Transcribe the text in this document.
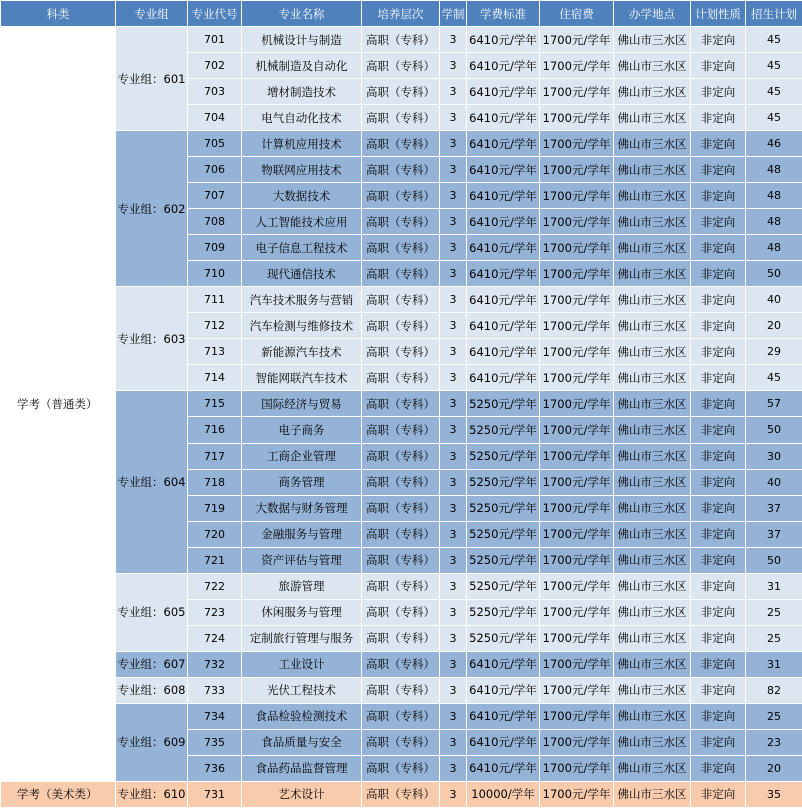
科类	专业组	专业代号	专业名称	培养层次	学制	学费标准	住宿费	办学地点	计划性质	招生计划
学考（普通类）	专业组：601	701	机械设计与制造	高职（专科）	3	6410元/学年	1700元/学年	佛山市三水区	非定向	45
		702	机械制造及自动化	高职（专科）	3	6410元/学年	1700元/学年	佛山市三水区	非定向	45
		703	增材制造技术	高职（专科）	3	6410元/学年	1700元/学年	佛山市三水区	非定向	45
		704	电气自动化技术	高职（专科）	3	6410元/学年	1700元/学年	佛山市三水区	非定向	45
	专业组：602	705	计算机应用技术	高职（专科）	3	6410元/学年	1700元/学年	佛山市三水区	非定向	46
		706	物联网应用技术	高职（专科）	3	6410元/学年	1700元/学年	佛山市三水区	非定向	48
		707	大数据技术	高职（专科）	3	6410元/学年	1700元/学年	佛山市三水区	非定向	48
		708	人工智能技术应用	高职（专科）	3	6410元/学年	1700元/学年	佛山市三水区	非定向	48
		709	电子信息工程技术	高职（专科）	3	6410元/学年	1700元/学年	佛山市三水区	非定向	48
		710	现代通信技术	高职（专科）	3	6410元/学年	1700元/学年	佛山市三水区	非定向	50
	专业组：603	711	汽车技术服务与营销	高职（专科）	3	6410元/学年	1700元/学年	佛山市三水区	非定向	40
		712	汽车检测与维修技术	高职（专科）	3	6410元/学年	1700元/学年	佛山市三水区	非定向	20
		713	新能源汽车技术	高职（专科）	3	6410元/学年	1700元/学年	佛山市三水区	非定向	29
		714	智能网联汽车技术	高职（专科）	3	6410元/学年	1700元/学年	佛山市三水区	非定向	45
	专业组：604	715	国际经济与贸易	高职（专科）	3	5250元/学年	1700元/学年	佛山市三水区	非定向	57
		716	电子商务	高职（专科）	3	5250元/学年	1700元/学年	佛山市三水区	非定向	50
		717	工商企业管理	高职（专科）	3	5250元/学年	1700元/学年	佛山市三水区	非定向	30
		718	商务管理	高职（专科）	3	5250元/学年	1700元/学年	佛山市三水区	非定向	40
		719	大数据与财务管理	高职（专科）	3	5250元/学年	1700元/学年	佛山市三水区	非定向	37
		720	金融服务与管理	高职（专科）	3	5250元/学年	1700元/学年	佛山市三水区	非定向	37
		721	资产评估与管理	高职（专科）	3	5250元/学年	1700元/学年	佛山市三水区	非定向	50
	专业组：605	722	旅游管理	高职（专科）	3	5250元/学年	1700元/学年	佛山市三水区	非定向	31
		723	休闲服务与管理	高职（专科）	3	5250元/学年	1700元/学年	佛山市三水区	非定向	25
		724	定制旅行管理与服务	高职（专科）	3	5250元/学年	1700元/学年	佛山市三水区	非定向	25
	专业组：607	732	工业设计	高职（专科）	3	6410元/学年	1700元/学年	佛山市三水区	非定向	31
	专业组：608	733	光伏工程技术	高职（专科）	3	6410元/学年	1700元/学年	佛山市三水区	非定向	82
	专业组：609	734	食品检验检测技术	高职（专科）	3	6410元/学年	1700元/学年	佛山市三水区	非定向	25
		735	食品质量与安全	高职（专科）	3	6410元/学年	1700元/学年	佛山市三水区	非定向	23
		736	食品药品监督管理	高职（专科）	3	6410元/学年	1700元/学年	佛山市三水区	非定向	20
学考（美术类）	专业组：610	731	艺术设计	高职（专科）	3	10000/学年	1700元/学年	佛山市三水区	非定向	35
